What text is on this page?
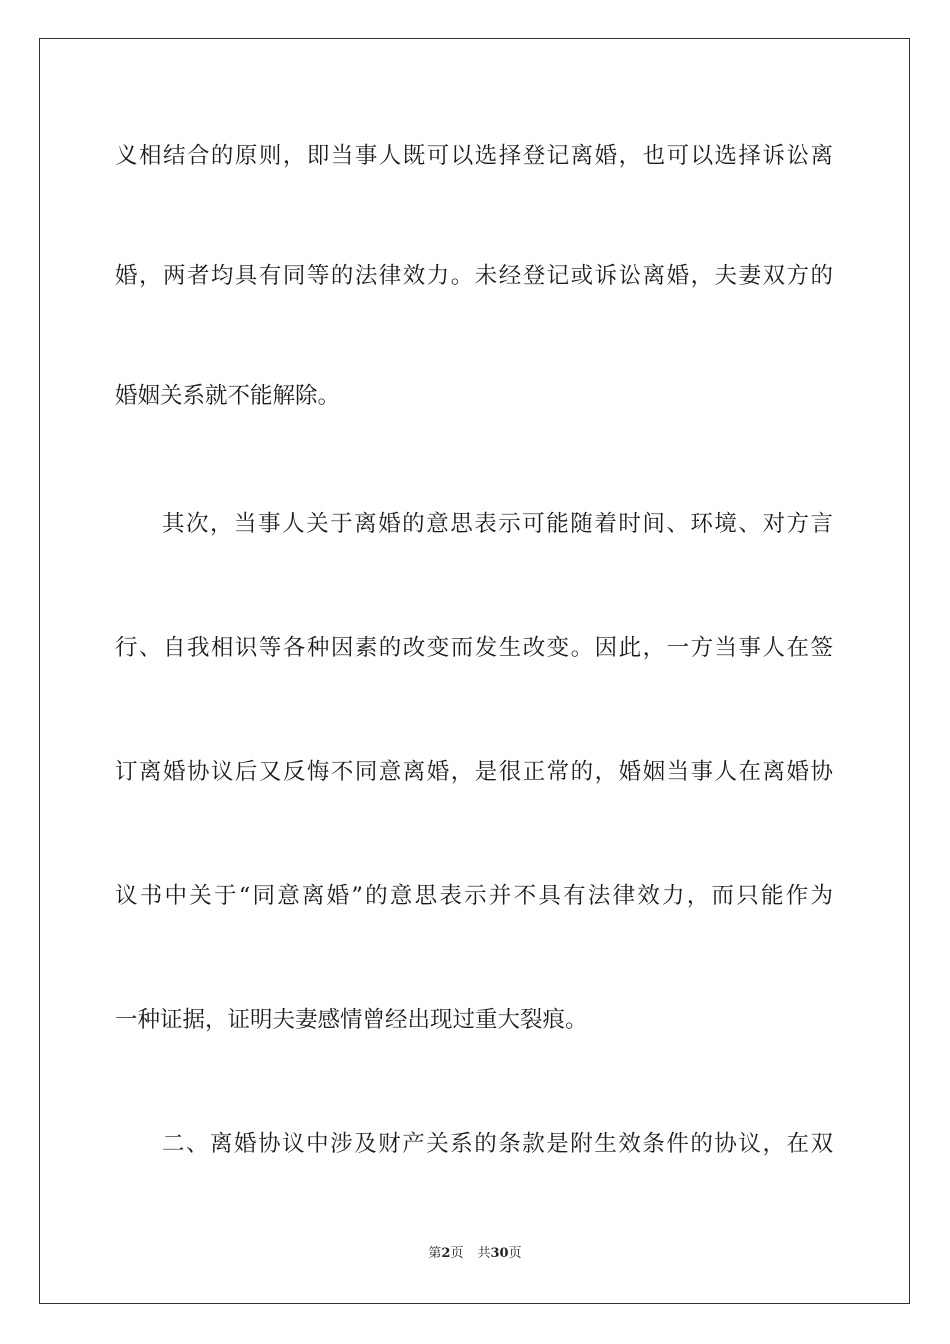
义相结合的原则，即当事人既可以选择登记离婚，也可以选择诉讼离
婚，两者均具有同等的法律效力。未经登记或诉讼离婚，夫妻双方的
婚姻关系就不能解除。
其次，当事人关于离婚的意思表示可能随着时间、环境、对方言
行、自我相识等各种因素的改变而发生改变。因此，一方当事人在签
订离婚协议后又反悔不同意离婚，是很正常的，婚姻当事人在离婚协
议书中关于“同意离婚”的意思表示并不具有法律效力，而只能作为
一种证据，证明夫妻感情曾经出现过重大裂痕。
二、离婚协议中涉及财产关系的条款是附生效条件的协议，在双
第2页 共30页
